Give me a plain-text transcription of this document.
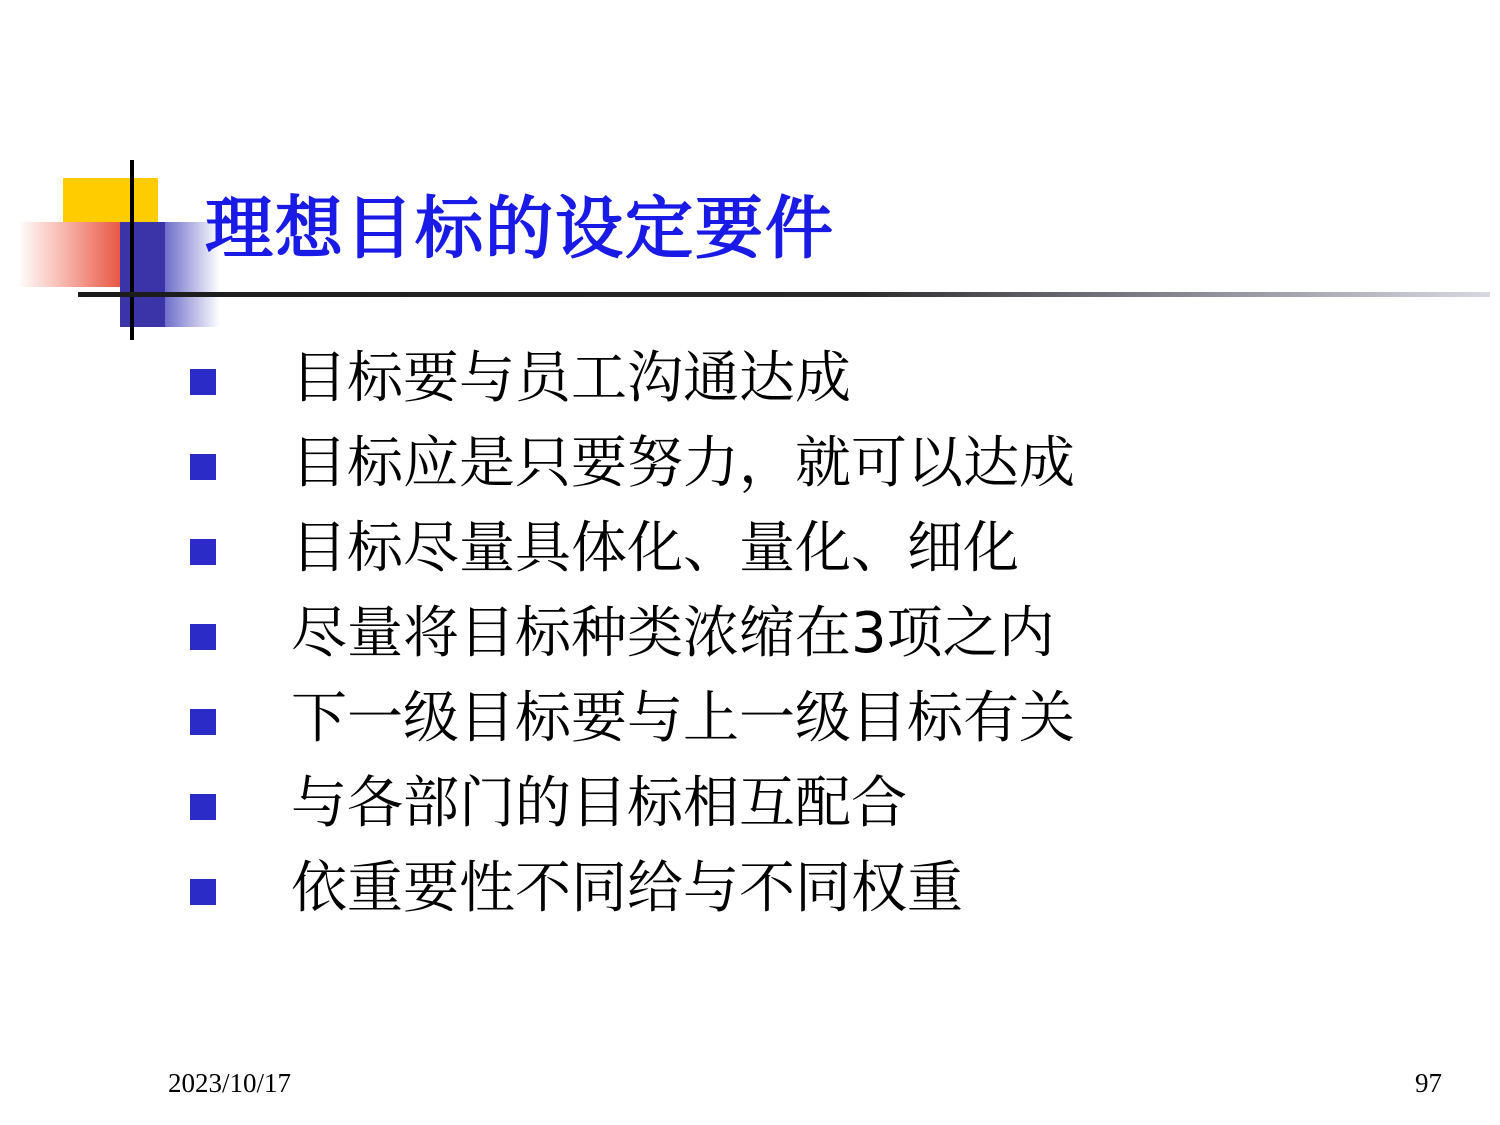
理想目标的设定要件
目标要与员工沟通达成
目标应是只要努力，就可以达成
目标尽量具体化、量化、细化
尽量将目标种类浓缩在3项之内
下一级目标要与上一级目标有关
与各部门的目标相互配合
依重要性不同给与不同权重
2023/10/17	97
